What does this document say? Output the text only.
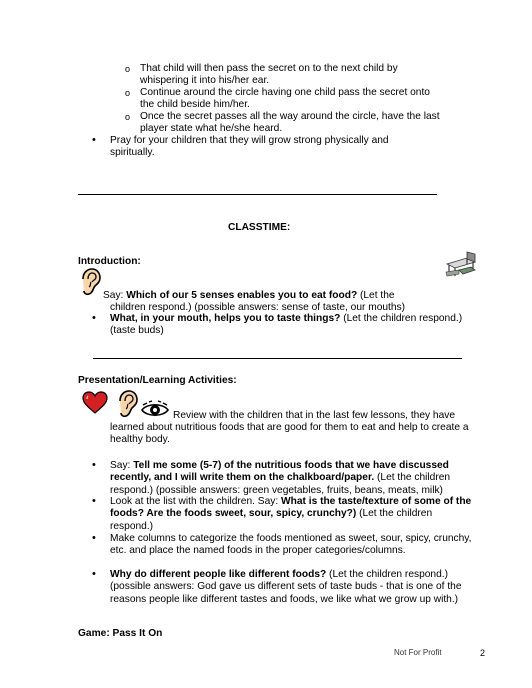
o That child will then pass the secret on to the next child by
whispering it into his/her ear.
o Continue around the circle having one child pass the secret onto
the child beside him/her.
o Once the secret passes all the way around the circle, have the last
player state what he/she heard.
• Pray for your children that they will grow strong physically and
spiritually.
CLASSTIME:
Introduction:
Say: Which of our 5 senses enables you to eat food? (Let the
children respond.) (possible answers: sense of taste, our mouths)
• What, in your mouth, helps you to taste things? (Let the children respond.)
(taste buds)
Presentation/Learning Activities:
Review with the children that in the last few lessons, they have
learned about nutritious foods that are good for them to eat and help to create a
healthy body.
• Say: Tell me some (5-7) of the nutritious foods that we have discussed
recently, and I will write them on the chalkboard/paper. (Let the children
respond.) (possible answers: green vegetables, fruits, beans, meats, milk)
• Look at the list with the children. Say: What is the taste/texture of some of the
foods? Are the foods sweet, sour, spicy, crunchy?) (Let the children
respond.)
• Make columns to categorize the foods mentioned as sweet, sour, spicy, crunchy,
etc. and place the named foods in the proper categories/columns.
• Why do different people like different foods? (Let the children respond.)
(possible answers: God gave us different sets of taste buds - that is one of the
reasons people like different tastes and foods, we like what we grow up with.)
Game: Pass It On
Not For Profit	2
